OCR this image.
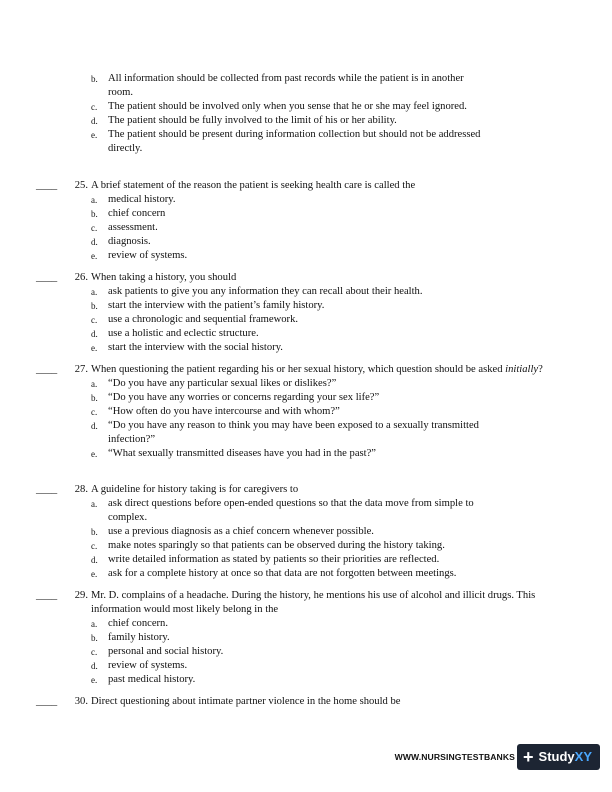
b. All information should be collected from past records while the patient is in another room.
c.	The patient should be involved only when you sense that he or she may feel ignored.
d. The patient should be fully involved to the limit of his or her ability.
e.	The patient should be present during information collection but should not be addressed directly.
____	25. A brief statement of the reason the patient is seeking health care is called the
a.	medical history.
b. chief concern
c.	assessment.
d. diagnosis.
e.	review of systems.
____	26. When taking a history, you should
a.	ask patients to give you any information they can recall about their health.
b. start the interview with the patient’s family history.
c.	use a chronologic and sequential framework.
d. use a holistic and eclectic structure.
e.	start the interview with the social history.
____	27. When questioning the patient regarding his or her sexual history, which question should be asked initially?
a.	“Do you have any particular sexual likes or dislikes?”
b. “Do you have any worries or concerns regarding your sex life?”
c.	“How often do you have intercourse and with whom?”
d. “Do you have any reason to think you may have been exposed to a sexually transmitted infection?”
e.	“What sexually transmitted diseases have you had in the past?”
____	28. A guideline for history taking is for caregivers to
a.	ask direct questions before open-ended questions so that the data move from simple to complex.
b. use a previous diagnosis as a chief concern whenever possible.
c.	make notes sparingly so that patients can be observed during the history taking.
d. write detailed information as stated by patients so their priorities are reflected.
e.	ask for a complete history at once so that data are not forgotten between meetings.
____	29. Mr. D. complains of a headache. During the history, he mentions his use of alcohol and illicit drugs. This information would most likely belong in the
a.	chief concern.
b. family history.
c.	personal and social history.
d. review of systems.
e.	past medical history.
____	30. Direct questioning about intimate partner violence in the home should be
WWW.NURSINGTESTBANKS + Study XY
